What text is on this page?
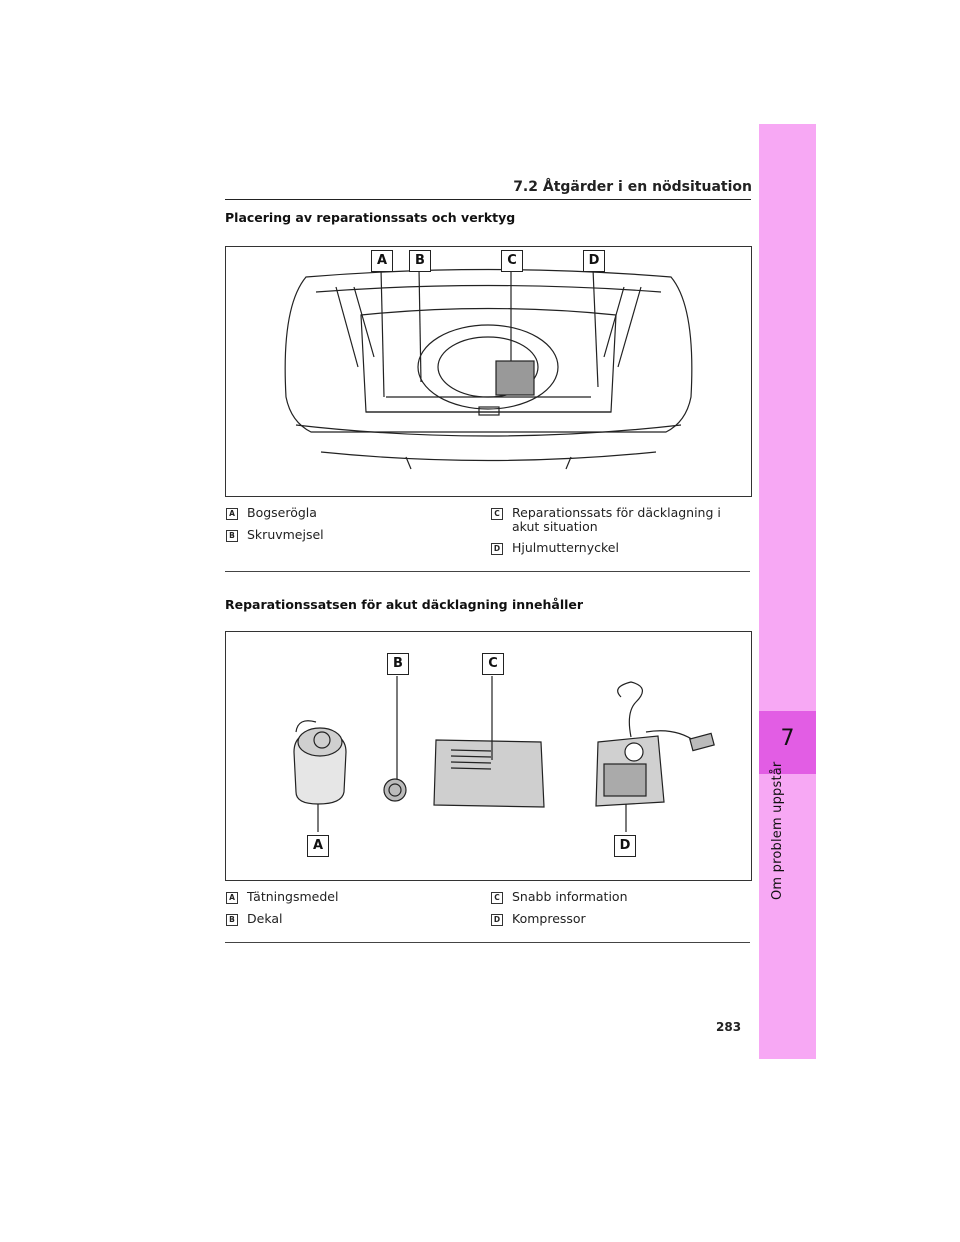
7
Om problem uppstår
7.2 Åtgärder i en nödsituation
Placering av reparationssats och verktyg
A	B	C	D
A Bogserögla
B Skruvmejsel
C Reparationssats för däcklagning i
akut situation
D Hjulmutternyckel
Reparationssatsen för akut däcklagning innehåller
B	C
A	D
A Tätningsmedel
B Dekal
C Snabb information
D Kompressor
283
